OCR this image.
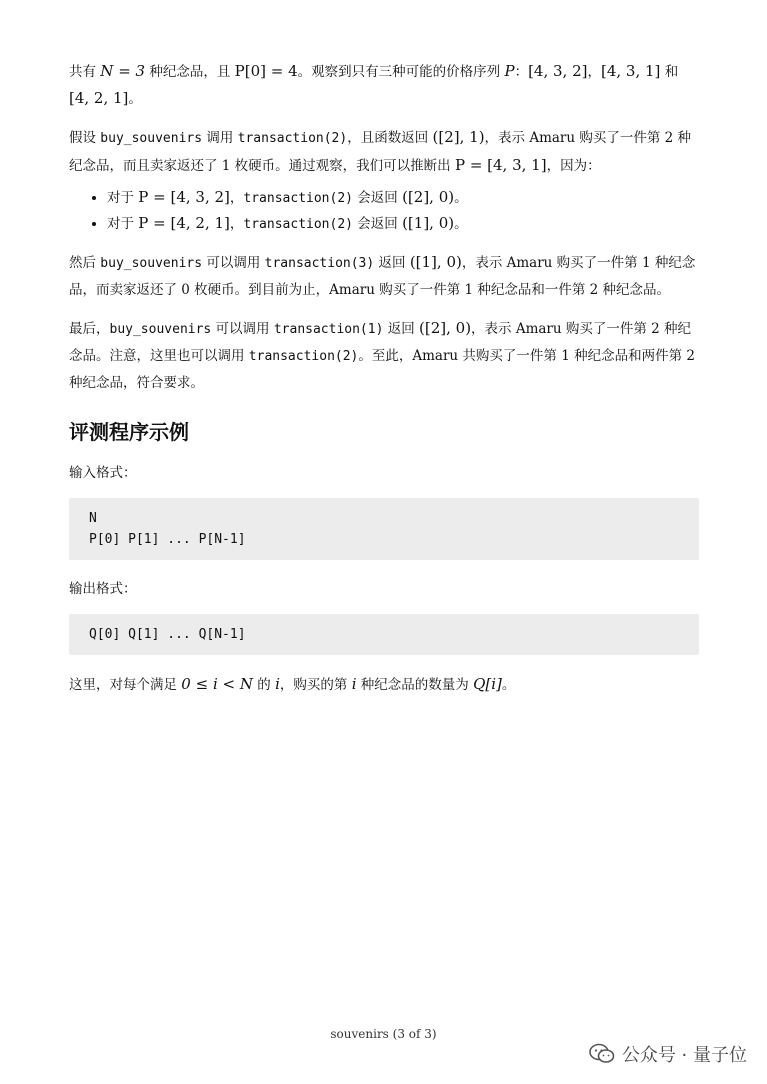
共有 N = 3 种纪念品，且 P[0] = 4。观察到只有三种可能的价格序列 P：[4, 3, 2]，[4, 3, 1] 和 [4, 2, 1]。

假设 buy_souvenirs 调用 transaction(2)，且函数返回 ([2], 1)，表示 Amaru 购买了一件第 2 种纪念品，而且卖家返还了 1 枚硬币。通过观察，我们可以推断出 P = [4, 3, 1]，因为：

• 对于 P = [4, 3, 2]，transaction(2) 会返回 ([2], 0)。
• 对于 P = [4, 2, 1]，transaction(2) 会返回 ([1], 0)。

然后 buy_souvenirs 可以调用 transaction(3) 返回 ([1], 0)，表示 Amaru 购买了一件第 1 种纪念品，而卖家返还了 0 枚硬币。到目前为止，Amaru 购买了一件第 1 种纪念品和一件第 2 种纪念品。

最后，buy_souvenirs 可以调用 transaction(1) 返回 ([2], 0)，表示 Amaru 购买了一件第 2 种纪念品。注意，这里也可以调用 transaction(2)。至此，Amaru 共购买了一件第 1 种纪念品和两件第 2 种纪念品，符合要求。

评测程序示例

输入格式：

N
P[0] P[1] ... P[N-1]

输出格式：

Q[0] Q[1] ... Q[N-1]

这里，对每个满足 0 ≤ i < N 的 i，购买的第 i 种纪念品的数量为 Q[i]。

souvenirs (3 of 3)
公众号 · 量子位
